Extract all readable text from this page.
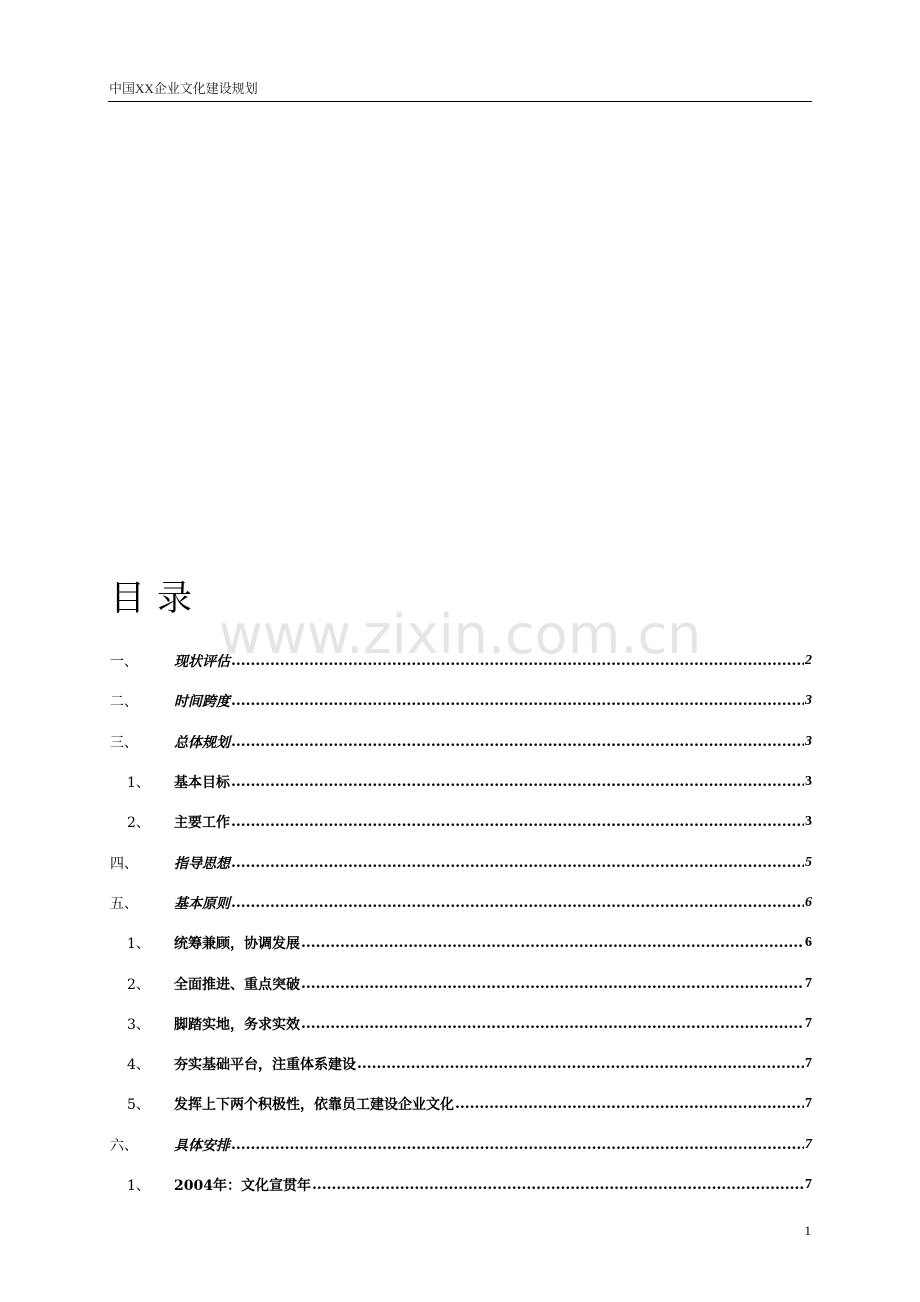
中国XX企业文化建设规划
www.zixin.com.cn
目录
一、	现状评估 .....	2
二、	时间跨度 .....	3
三、	总体规划 .....	3
1、	基本目标 .....	3
2、	主要工作 .....	3
四、	指导思想 .....	5
五、	基本原则 .....	6
1、	统筹兼顾，协调发展 .....	6
2、	全面推进、重点突破 .....	7
3、	脚踏实地，务求实效 .....	7
4、	夯实基础平台，注重体系建设 .....	7
5、	发挥上下两个积极性，依靠员工建设企业文化 .....	7
六、	具体安排 .....	7
1、	2004年：文化宣贯年 .....	7
1
